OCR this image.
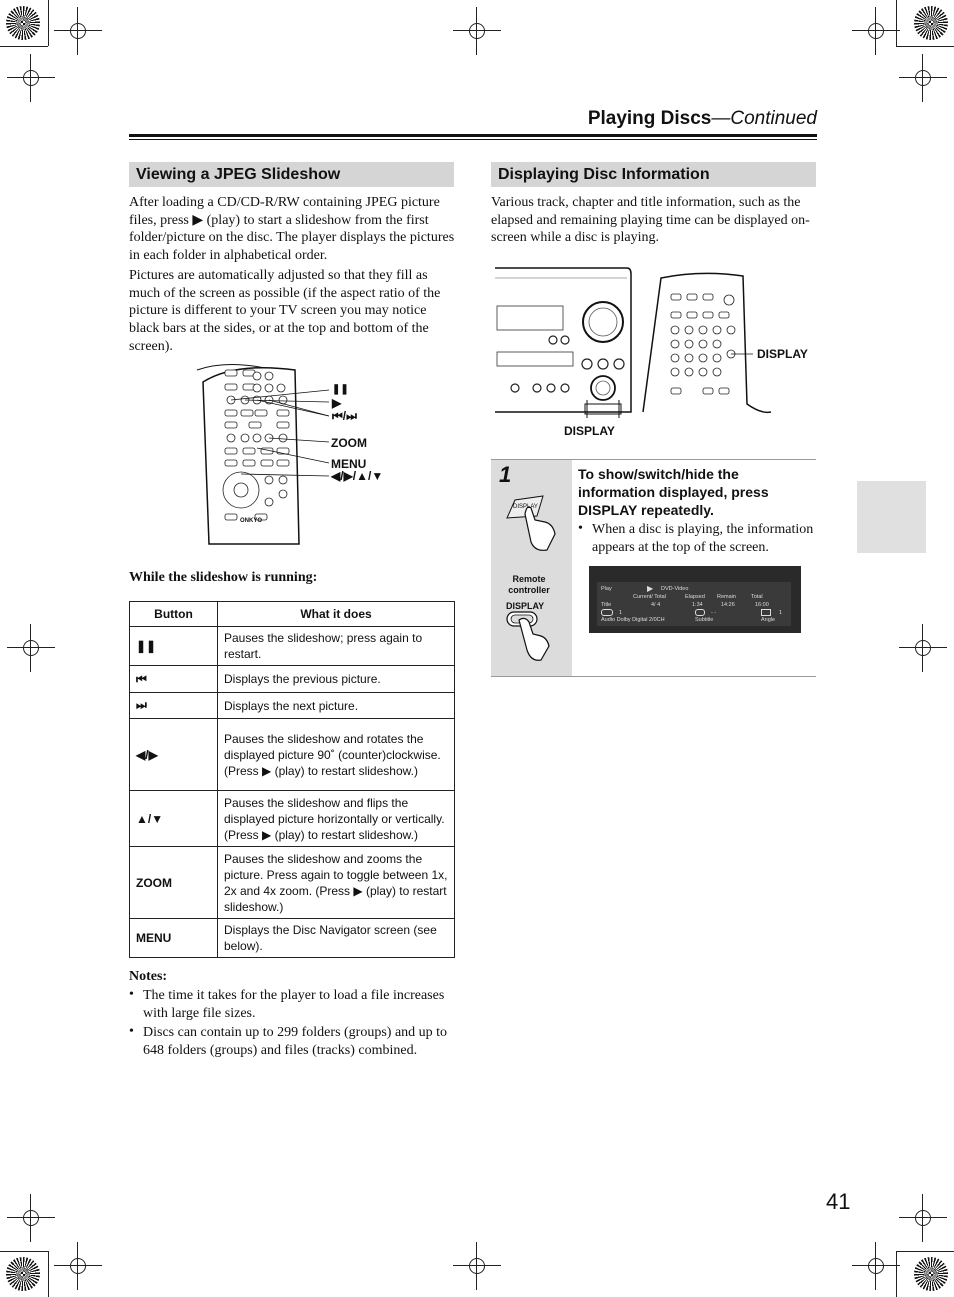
Playing Discs—Continued
Viewing a JPEG Slideshow

After loading a CD/CD-R/RW containing JPEG picture files, press ▶ (play) to start a slideshow from the first folder/picture on the disc. The player displays the pictures in each folder in alphabetical order.

Pictures are automatically adjusted so that they fill as much of the screen as possible (if the aspect ratio of the picture is different to your TV screen you may notice black bars at the sides, or at the top and bottom of the screen).

ONKYO
❚❚
▶
⏮/⏭
ZOOM
MENU
◀/▶/▲/▼
While the slideshow is running:
Button	What it does
❚❚	Pauses the slideshow; press again to restart.
⏮	Displays the previous picture.
⏭	Displays the next picture.
◀/▶	Pauses the slideshow and rotates the displayed picture 90˚ (counter)clockwise. (Press ▶ (play) to restart slideshow.)
▲/▼	Pauses the slideshow and flips the displayed picture horizontally or vertically. (Press ▶ (play) to restart slideshow.)
ZOOM	Pauses the slideshow and zooms the picture. Press again to toggle between 1x, 2x and 4x zoom. (Press ▶ (play) to restart slideshow.)
MENU	Displays the Disc Navigator screen (see below).
Notes:
• The time it takes for the player to load a file increases with large file sizes.

• Discs can contain up to 299 folders (groups) and up to 648 folders (groups) and files (tracks) combined.

Displaying Disc Information

Various track, chapter and title information, such as the elapsed and remaining playing time can be displayed on-screen while a disc is playing.

DISPLAY
DISPLAY
1
DISPLAY
Remote controller
DISPLAY
To show/switch/hide the information displayed, press DISPLAY repeatedly.
• When a disc is playing, the information appears at the top of the screen.

Play	▶ DVD-Video
Current/ Total	Elapsed Remain	Total
Title	4/ 4	1:34	14:26	16:00
1	- -	1
Audio Dolby Digital 2/0CH	Subtitle	Angle
41
